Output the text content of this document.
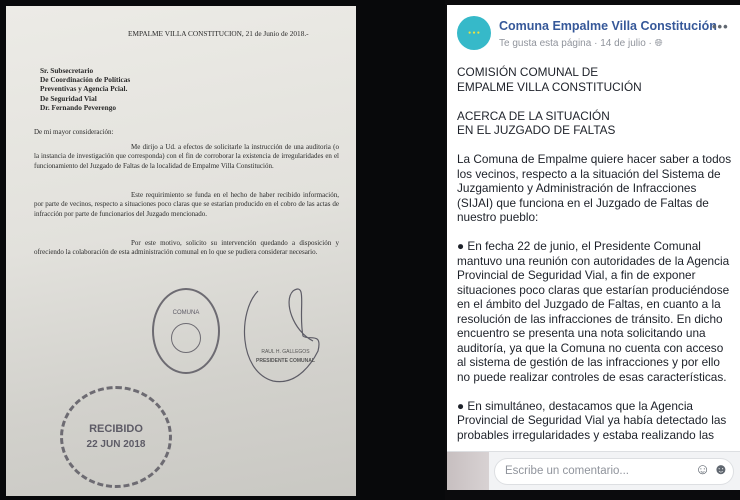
EMPALME VILLA CONSTITUCION, 21 de Junio de 2018.-
Sr. Subsecretario
De Coordinación de Políticas
Preventivas y Agencia Pcial.
De Seguridad Vial
Dr. Fernando Peverengo
De mi mayor consideración:
Me dirijo a Ud. a efectos de solicitarle la instrucción de una auditoria (o la instancia de investigación que corresponda) con el fin de corroborar la existencia de irregularidades en el funcionamiento del Juzgado de Faltas de la localidad de Empalme Villa Constitución.
Este requirimiento se funda en el hecho de haber recibido información, por parte de vecinos, respecto a situaciones poco claras que se estarían producido en el cobro de las actas de infracción por parte de funcionarios del Juzgado mencionado.
Por este motivo, solicito su intervención quedando a disposición y ofreciendo la colaboración de esta administración comunal en lo que se pudiera considerar necesario.
COMUNA
RAUL H. GALLEGOS
PRESIDENTE COMUNAL
RECIBIDO
22 JUN 2018
● ● ●	Comuna Empalme Villa Constitución
Te gusta esta página · 14 de julio · 🌐︎
•••

COMISIÓN COMUNAL DE
EMPALME VILLA CONSTITUCIÓN

ACERCA DE LA SITUACIÓN
EN EL JUZGADO DE FALTAS

La Comuna de Empalme quiere hacer saber a todos
los vecinos, respecto a la situación del Sistema de
Juzgamiento y Administración de Infracciones
(SIJAI) que funciona en el Juzgado de Faltas de
nuestro pueblo:

● En fecha 22 de junio, el Presidente Comunal
mantuvo una reunión con autoridades de la Agencia
Provincial de Seguridad Vial, a fin de exponer
situaciones poco claras que estarían produciéndose
en el ámbito del Juzgado de Faltas, en cuanto a la
resolución de las infracciones de tránsito. En dicho
encuentro se presenta una nota solicitando una
auditoría, ya que la Comuna no cuenta con acceso
al sistema de gestión de las infracciones y por ello
no puede realizar controles de esas características.

● En simultáneo, destacamos que la Agencia
Provincial de Seguridad Vial ya había detectado las
probables irregularidades y estaba realizando las

Escribe un comentario...	☺ ☻
